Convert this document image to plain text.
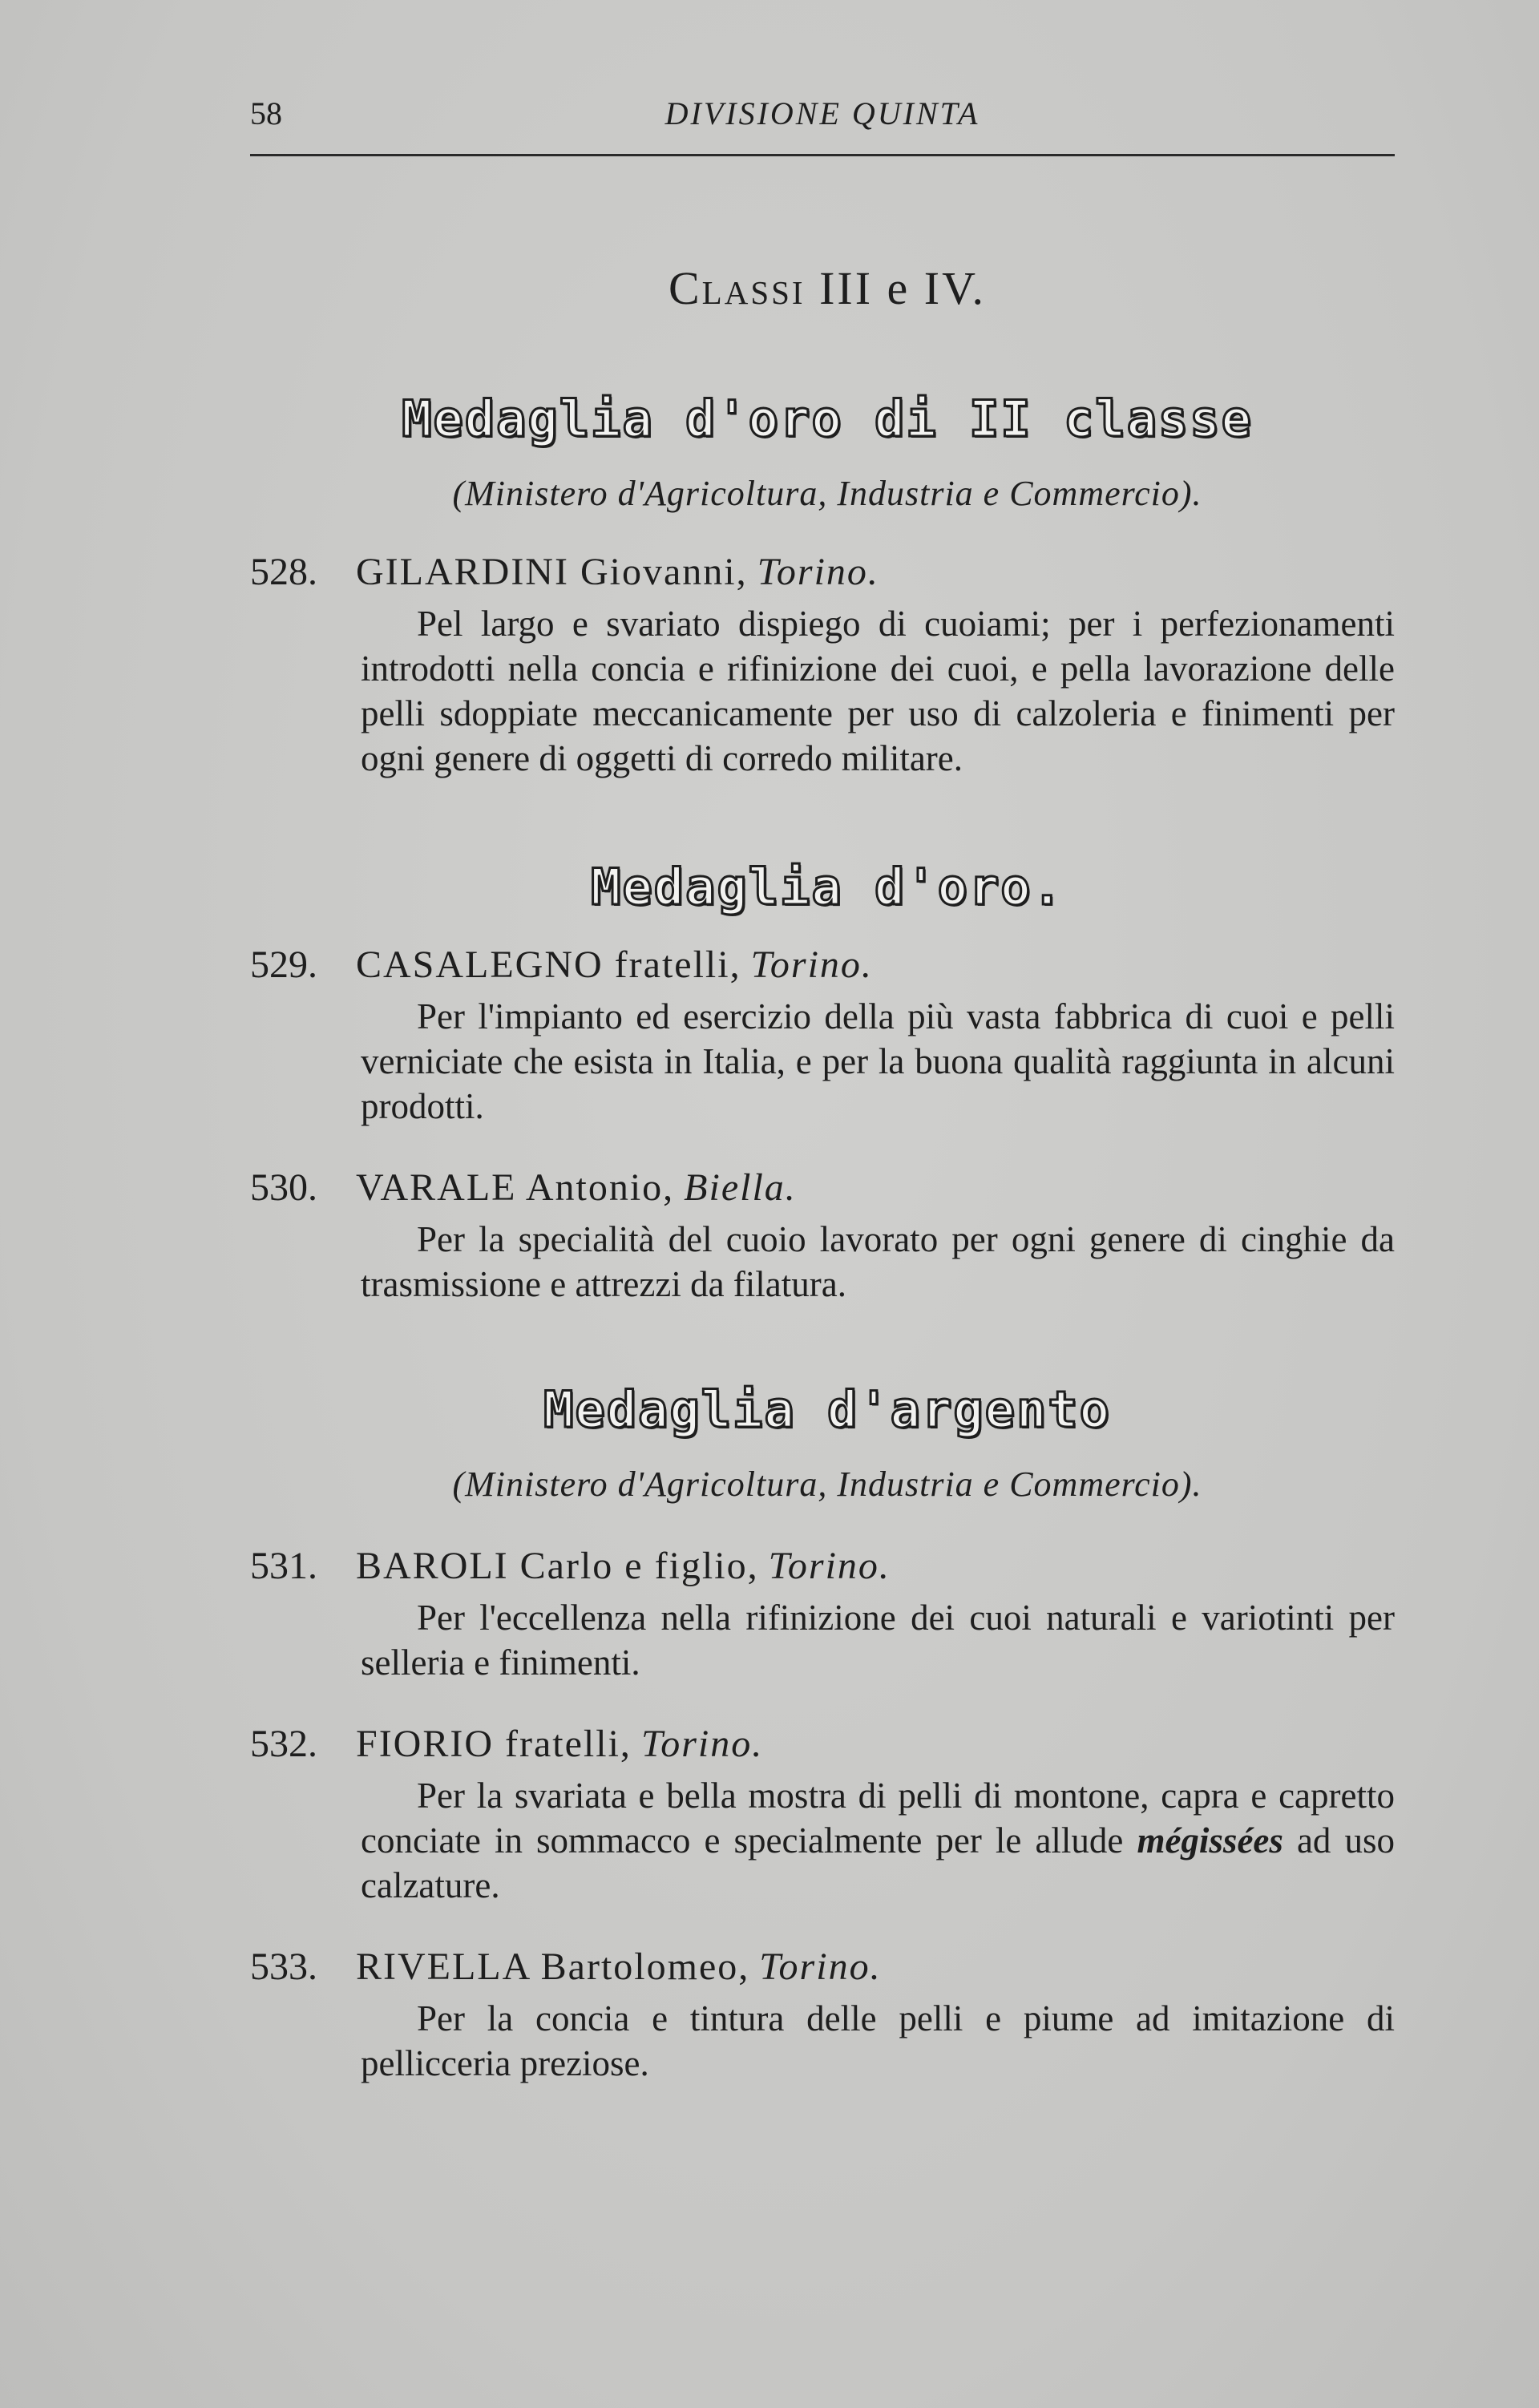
58	DIVISIONE QUINTA
Classi III e IV.
Medaglia d'oro di II classe
(Ministero d'Agricoltura, Industria e Commercio).
528. GILARDINI Giovanni, Torino.
Pel largo e svariato dispiego di cuoiami; per i perfezionamenti introdotti nella concia e rifinizione dei cuoi, e pella lavorazione delle pelli sdoppiate meccanicamente per uso di calzoleria e finimenti per ogni genere di oggetti di corredo militare.
Medaglia d'oro.
529. CASALEGNO fratelli, Torino.
Per l'impianto ed esercizio della più vasta fabbrica di cuoi e pelli verniciate che esista in Italia, e per la buona qualità raggiunta in alcuni prodotti.
530. VARALE Antonio, Biella.
Per la specialità del cuoio lavorato per ogni genere di cinghie da trasmissione e attrezzi da filatura.
Medaglia d'argento
(Ministero d'Agricoltura, Industria e Commercio).
531. BAROLI Carlo e figlio, Torino.
Per l'eccellenza nella rifinizione dei cuoi naturali e variotinti per selleria e finimenti.
532. FIORIO fratelli, Torino.
Per la svariata e bella mostra di pelli di montone, capra e capretto conciate in sommacco e specialmente per le allude mégissées ad uso calzature.
533. RIVELLA Bartolomeo, Torino.
Per la concia e tintura delle pelli e piume ad imitazione di pellicceria preziose.
